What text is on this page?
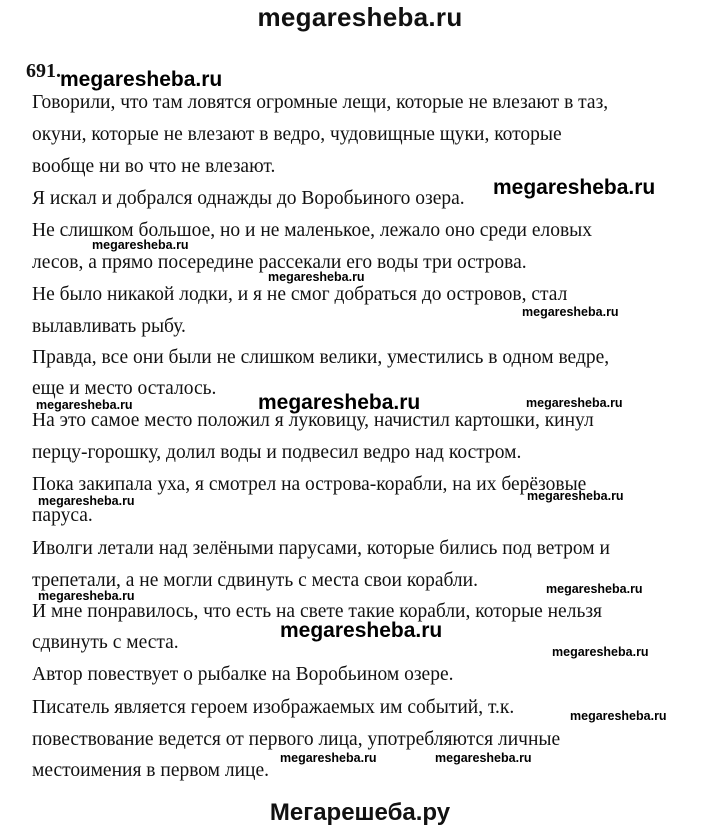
megaresheba.ru
691.
Говорили, что там ловятся огромные лещи, которые не влезают в таз,
окуни, которые не влезают в ведро, чудовищные щуки, которые
вообще ни во что не влезают.
Я искал и добрался однажды до Воробьиного озера.
Не слишком большое, но и не маленькое, лежало оно среди еловых
лесов, а прямо посередине рассекали его воды три острова.
Не было никакой лодки, и я не смог добраться до островов, стал
вылавливать рыбу.
Правда, все они были не слишком велики, уместились в одном ведре,
еще и место осталось.
На это самое место положил я луковицу, начистил картошки, кинул
перцу-горошку, долил воды и подвесил ведро над костром.
Пока закипала уха, я смотрел на острова-корабли, на их берёзовые
паруса.
Иволги летали над зелёными парусами, которые бились под ветром и
трепетали, а не могли сдвинуть с места свои корабли.
И мне понравилось, что есть на свете такие корабли, которые нельзя
сдвинуть с места.
Автор повествует о рыбалке на Воробьином озере.
Писатель является героем изображаемых им событий, т.к.
повествование ведется от первого лица, употребляются личные
местоимения в первом лице.
megaresheba.ru
megaresheba.ru
megaresheba.ru
megaresheba.ru
megaresheba.ru
megaresheba.ru
megaresheba.ru	megaresheba.ru
megaresheba.ru	megaresheba.ru
megaresheba.ru
megaresheba.ru
megaresheba.ru
megaresheba.ru
megaresheba.ru
megaresheba.ru	megaresheba.ru
Мегарешеба.ру
